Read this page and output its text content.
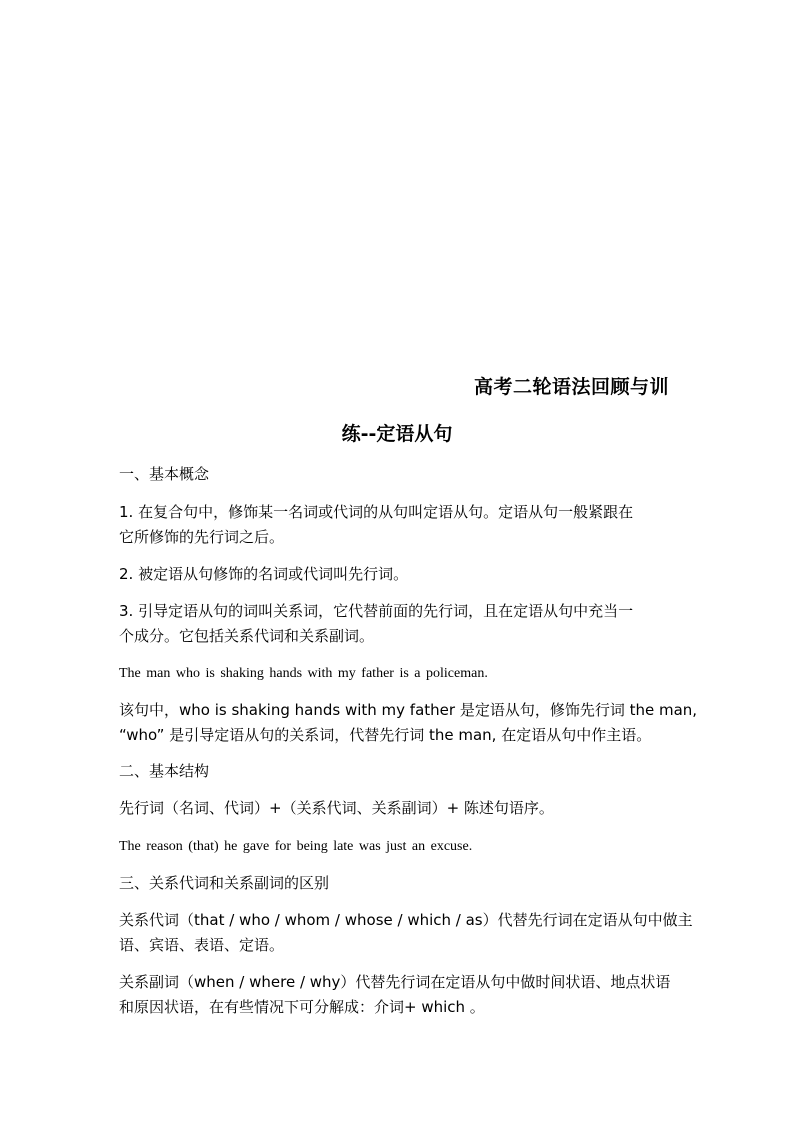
高考二轮语法回顾与训
练--定语从句
一、基本概念
1. 在复合句中，修饰某一名词或代词的从句叫定语从句。定语从句一般紧跟在
它所修饰的先行词之后。
2. 被定语从句修饰的名词或代词叫先行词。
3. 引导定语从句的词叫关系词，它代替前面的先行词，且在定语从句中充当一
个成分。它包括关系代词和关系副词。
The man who is shaking hands with my father is a policeman.
该句中，who is shaking hands with my father 是定语从句，修饰先行词 the man,
“who” 是引导定语从句的关系词，代替先行词 the man, 在定语从句中作主语。
二、基本结构
先行词（名词、代词）+（关系代词、关系副词）+ 陈述句语序。
The reason (that) he gave for being late was just an excuse.
三、关系代词和关系副词的区别
关系代词（that / who / whom / whose / which / as）代替先行词在定语从句中做主
语、宾语、表语、定语。
关系副词（when / where / why）代替先行词在定语从句中做时间状语、地点状语
和原因状语，在有些情况下可分解成：介词+ which 。
